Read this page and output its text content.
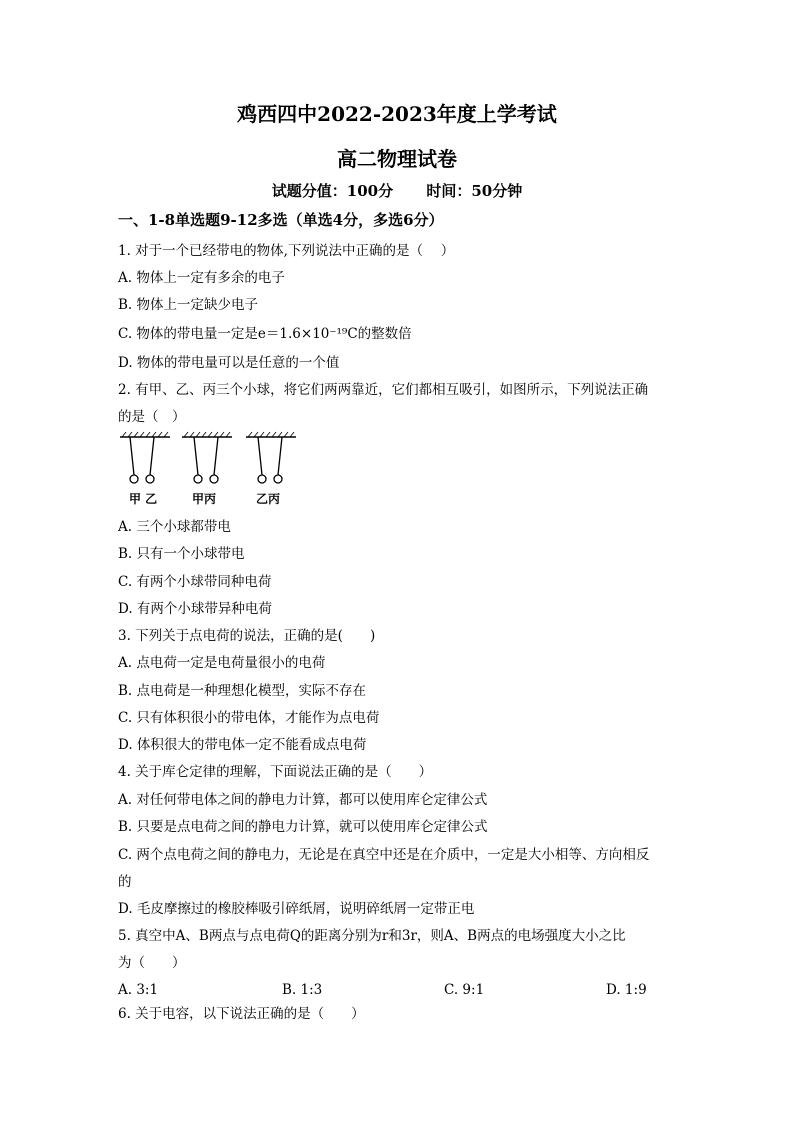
鸡西四中2022-2023年度上学考试
高二物理试卷
试题分值：100分 时间：50分钟
一、1-8单选题9-12多选（单选4分，多选6分）
1. 对于一个已经带电的物体,下列说法中正确的是（　 ）
A. 物体上一定有多余的电子
B. 物体上一定缺少电子
C. 物体的带电量一定是e＝1.6×10⁻¹⁹C的整数倍
D. 物体的带电量可以是任意的一个值
2. 有甲、乙、丙三个小球，将它们两两靠近，它们都相互吸引，如图所示，下列说法正确
的是（　）
甲 乙	甲丙	乙丙
A. 三个小球都带电
B. 只有一个小球带电
C. 有两个小球带同种电荷
D. 有两个小球带异种电荷
3. 下列关于点电荷的说法，正确的是(　　)
A. 点电荷一定是电荷量很小的电荷
B. 点电荷是一种理想化模型，实际不存在
C. 只有体积很小的带电体，才能作为点电荷
D. 体积很大的带电体一定不能看成点电荷
4. 关于库仑定律的理解，下面说法正确的是（　　）
A. 对任何带电体之间的静电力计算，都可以使用库仑定律公式
B. 只要是点电荷之间的静电力计算，就可以使用库仑定律公式
C. 两个点电荷之间的静电力，无论是在真空中还是在介质中，一定是大小相等、方向相反
的
D. 毛皮摩擦过的橡胶棒吸引碎纸屑，说明碎纸屑一定带正电
5. 真空中A、B两点与点电荷Q的距离分别为r和3r，则A、B两点的电场强度大小之比
为（　　）
A. 3:1	B. 1:3	C. 9:1	D. 1:9
6. 关于电容，以下说法正确的是（　　）
